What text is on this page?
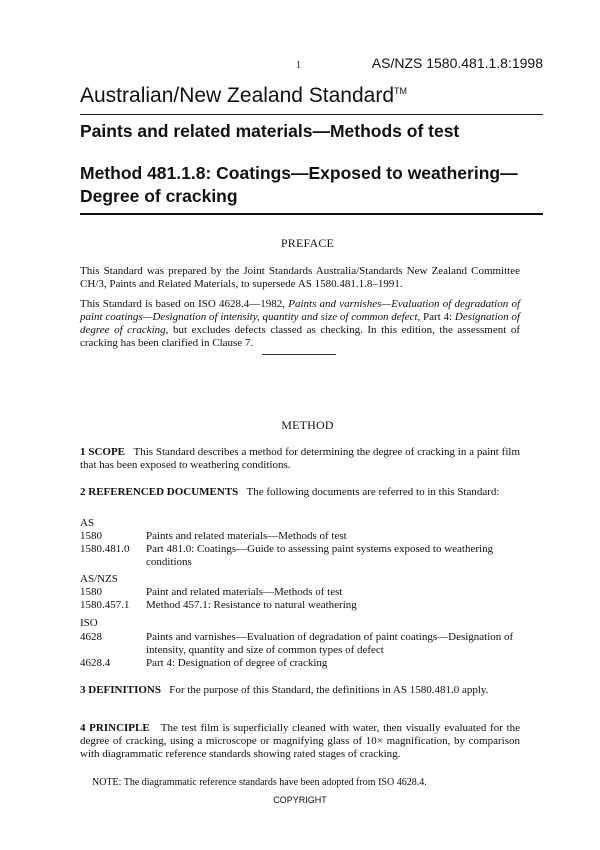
1	AS/NZS 1580.481.1.8:1998
Australian/New Zealand Standard™
Paints and related materials—Methods of test
Method 481.1.8: Coatings—Exposed to weathering—Degree of cracking
PREFACE
This Standard was prepared by the Joint Standards Australia/Standards New Zealand Committee CH/3, Paints and Related Materials, to supersede AS 1580.481.1.8–1991.
This Standard is based on ISO 4628.4—1982, Paints and varnishes—Evaluation of degradation of paint coatings—Designation of intensity, quantity and size of common defect, Part 4: Designation of degree of cracking, but excludes defects classed as checking. In this edition, the assessment of cracking has been clarified in Clause 7.
METHOD
1 SCOPE This Standard describes a method for determining the degree of cracking in a paint film that has been exposed to weathering conditions.
2 REFERENCED DOCUMENTS The following documents are referred to in this Standard:
AS
1580	Paints and related materials—Methods of test
1580.481.0 Part 481.0: Coatings—Guide to assessing paint systems exposed to weathering conditions
AS/NZS
1580	Paint and related materials—Methods of test
1580.457.1 Method 457.1: Resistance to natural weathering
ISO
4628	Paints and varnishes—Evaluation of degradation of paint coatings—Designation of intensity, quantity and size of common types of defect
4628.4	Part 4: Designation of degree of cracking
3 DEFINITIONS For the purpose of this Standard, the definitions in AS 1580.481.0 apply.
4 PRINCIPLE The test film is superficially cleaned with water, then visually evaluated for the degree of cracking, using a microscope or magnifying glass of 10× magnification, by comparison with diagrammatic reference standards showing rated stages of cracking.
NOTE: The diagrammatic reference standards have been adopted from ISO 4628.4.
COPYRIGHT
